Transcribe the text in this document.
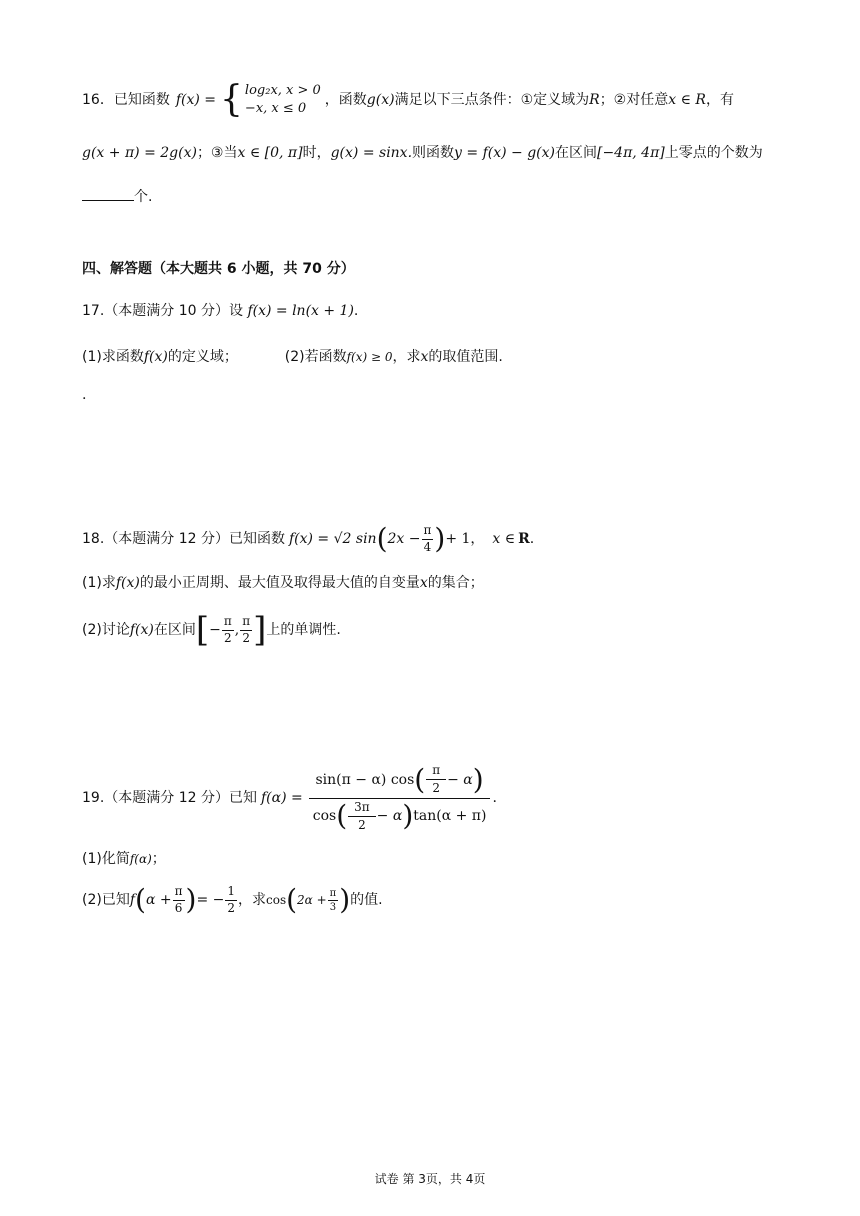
16．已知函数 f(x) = { log₂x, x > 0
−x, x ≤ 0
，函数 g(x) 满足以下三点条件：①定义域为 R ；②对任意 x ∈ R ，有
g(x + π) = 2g(x)；③当x ∈ [0, π]时，g(x) = sinx.则函数y = f(x) − g(x)在区间[−4π, 4π]上零点的个数为
个.
四、解答题（本大题共 6 小题，共 70 分）
17.（本题满分 10 分）设 f(x) = ln(x + 1).
(1)求函数f(x)的定义域；	(2)若函数f(x) ≥ 0，求x的取值范围.
.
18.（本题满分 12 分）已知函数 f(x) = √2 sin ( $2x - \frac{\pi}{4}$ ) + 1， x ∈ R .
(1)求f(x)的最小正周期、最大值及取得最大值的自变量x的集合；
(2)讨论 f(x) 在区间 [ − $\frac{\pi}{2}$ , $\frac{\pi}{2}$ ] 上的单调性.
19.（本题满分 12 分）已知 $f(\alpha) = \frac{\sin(\pi - \alpha) \cos ( \frac{\pi}{2} - \alpha )}{\cos ( \frac{3\pi}{2} - \alpha ) \tan(\alpha + \pi)}$ .
(1)化简f(α)；
(2)已知 f ( $\alpha + \frac{\pi}{6}$ ) = − $\frac{1}{2}$ ，求 cos ( $2\alpha + \frac{\pi}{3}$ ) 的值.
试卷 第 3页，共 4页
